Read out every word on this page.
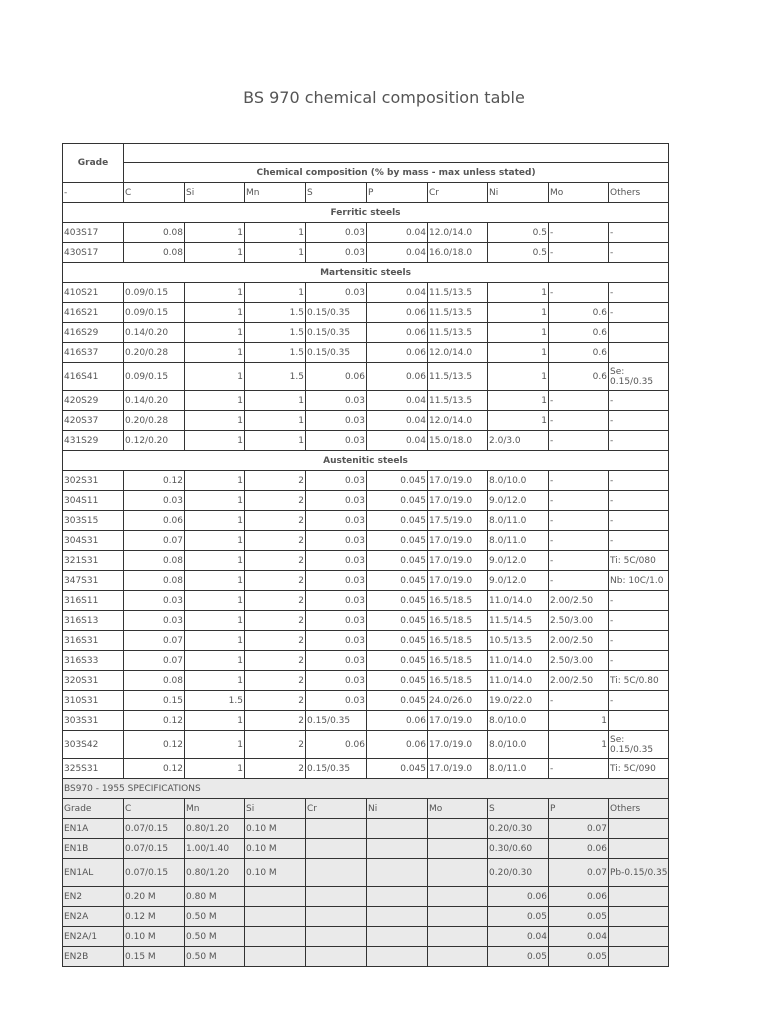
BS 970 chemical composition table
Grade									
	Chemical composition (% by mass - max unless stated)								
-	C	Si	Mn	S	P	Cr	Ni	Mo	Others
Ferritic steels									
403S17	0.08	1	1	0.03	0.04	12.0/14.0	0.5	-	-
430S17	0.08	1	1	0.03	0.04	16.0/18.0	0.5	-	-
Martensitic steels									
410S21	0.09/0.15	1	1	0.03	0.04	11.5/13.5	1	-	-
416S21	0.09/0.15	1	1.5	0.15/0.35	0.06	11.5/13.5	1	0.6	-
416S29	0.14/0.20	1	1.5	0.15/0.35	0.06	11.5/13.5	1	0.6	
416S37	0.20/0.28	1	1.5	0.15/0.35	0.06	12.0/14.0	1	0.6	
416S41	0.09/0.15	1	1.5	0.06	0.06	11.5/13.5	1	0.6	Se: 0.15/0.35
420S29	0.14/0.20	1	1	0.03	0.04	11.5/13.5	1	-	-
420S37	0.20/0.28	1	1	0.03	0.04	12.0/14.0	1	-	-
431S29	0.12/0.20	1	1	0.03	0.04	15.0/18.0	2.0/3.0	-	-
Austenitic steels									
302S31	0.12	1	2	0.03	0.045	17.0/19.0	8.0/10.0	-	-
304S11	0.03	1	2	0.03	0.045	17.0/19.0	9.0/12.0	-	-
303S15	0.06	1	2	0.03	0.045	17.5/19.0	8.0/11.0	-	-
304S31	0.07	1	2	0.03	0.045	17.0/19.0	8.0/11.0	-	-
321S31	0.08	1	2	0.03	0.045	17.0/19.0	9.0/12.0	-	Ti: 5C/080
347S31	0.08	1	2	0.03	0.045	17.0/19.0	9.0/12.0	-	Nb: 10C/1.0
316S11	0.03	1	2	0.03	0.045	16.5/18.5	11.0/14.0	2.00/2.50	-
316S13	0.03	1	2	0.03	0.045	16.5/18.5	11.5/14.5	2.50/3.00	-
316S31	0.07	1	2	0.03	0.045	16.5/18.5	10.5/13.5	2.00/2.50	-
316S33	0.07	1	2	0.03	0.045	16.5/18.5	11.0/14.0	2.50/3.00	-
320S31	0.08	1	2	0.03	0.045	16.5/18.5	11.0/14.0	2.00/2.50	Ti: 5C/0.80
310S31	0.15	1.5	2	0.03	0.045	24.0/26.0	19.0/22.0	-	-
303S31	0.12	1	2	0.15/0.35	0.06	17.0/19.0	8.0/10.0	1	
303S42	0.12	1	2	0.06	0.06	17.0/19.0	8.0/10.0	1	Se: 0.15/0.35
325S31	0.12	1	2	0.15/0.35	0.045	17.0/19.0	8.0/11.0	-	Ti: 5C/090
BS970 - 1955 SPECIFICATIONS									
Grade	C	Mn	Si	Cr	Ni	Mo	S	P	Others
EN1A	0.07/0.15	0.80/1.20	0.10 M				0.20/0.30	0.07	
EN1B	0.07/0.15	1.00/1.40	0.10 M				0.30/0.60	0.06	
EN1AL	0.07/0.15	0.80/1.20	0.10 M				0.20/0.30	0.07	Pb-0.15/0.35
EN2	0.20 M	0.80 M					0.06	0.06	
EN2A	0.12 M	0.50 M					0.05	0.05	
EN2A/1	0.10 M	0.50 M					0.04	0.04	
EN2B	0.15 M	0.50 M					0.05	0.05	
